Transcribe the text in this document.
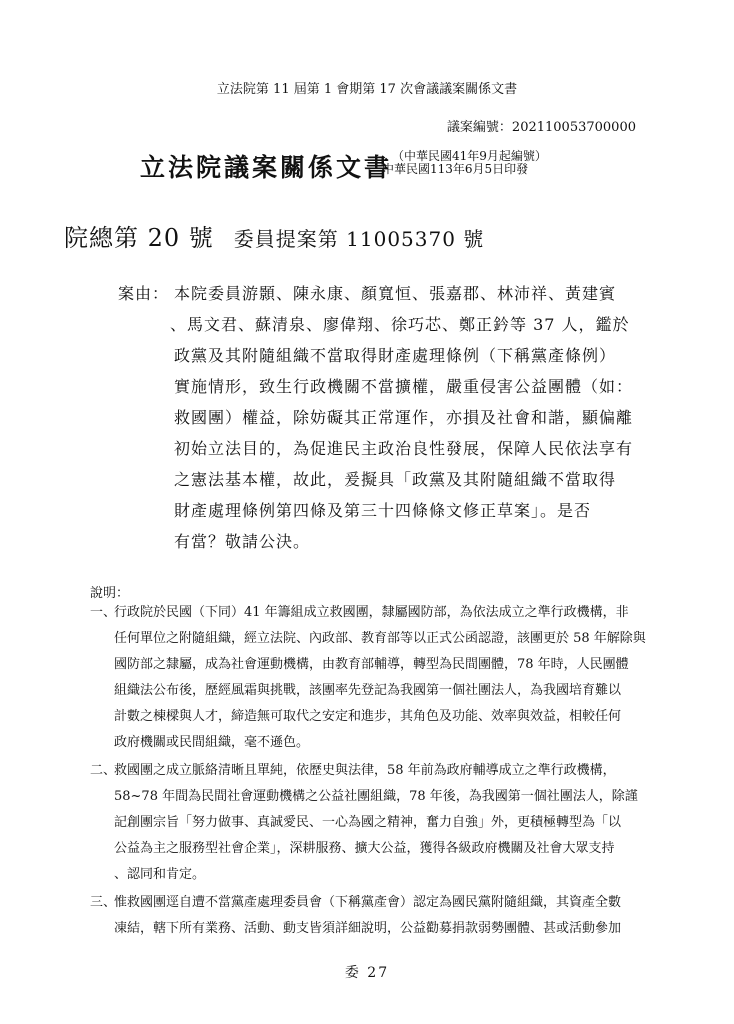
立法院第 11 屆第 1 會期第 17 次會議議案關係文書
議案編號：202110053700000
立法院議案關係文書 （中華民國41年9月起編號）
中華民國113年6月5日印發
院總第 20 號 委員提案第 11005370 號
案由： 本院委員游顥、陳永康、顏寬恒、張嘉郡、林沛祥、黃建賓
、馬文君、蘇清泉、廖偉翔、徐巧芯、鄭正鈐等 37 人，鑑於
政黨及其附隨組織不當取得財產處理條例（下稱黨產條例）
實施情形，致生行政機關不當擴權，嚴重侵害公益團體（如：
救國團）權益，除妨礙其正常運作，亦損及社會和諧，顯偏離
初始立法目的，為促進民主政治良性發展，保障人民依法享有
之憲法基本權，故此，爰擬具「政黨及其附隨組織不當取得
財產處理條例第四條及第三十四條條文修正草案」。是否
有當？敬請公決。
說明：
一、
行政院於民國（下同）41 年籌組成立救國團，隸屬國防部，為依法成立之準行政機構，非
任何單位之附隨組織，經立法院、內政部、教育部等以正式公函認證，該團更於 58 年解除與
國防部之隸屬，成為社會運動機構，由教育部輔導，轉型為民間團體，78 年時，人民團體
組織法公布後，歷經風霜與挑戰，該團率先登記為我國第一個社團法人，為我國培育難以
計數之棟樑與人才，締造無可取代之安定和進步，其角色及功能、效率與效益，相較任何
政府機關或民間組織，毫不遜色。
二、
救國團之成立脈絡清晰且單純，依歷史與法律，58 年前為政府輔導成立之準行政機構，
58~78 年間為民間社會運動機構之公益社團組織，78 年後，為我國第一個社團法人，除謹
記創團宗旨「努力做事、真誠愛民、一心為國之精神，奮力自強」外，更積極轉型為「以
公益為主之服務型社會企業」，深耕服務、擴大公益，獲得各級政府機關及社會大眾支持
、認同和肯定。
三、
惟救國團逕自遭不當黨產處理委員會（下稱黨產會）認定為國民黨附隨組織，其資產全數
凍結，轄下所有業務、活動、動支皆須詳細說明，公益勸募捐款弱勢團體、甚或活動參加
委 27
